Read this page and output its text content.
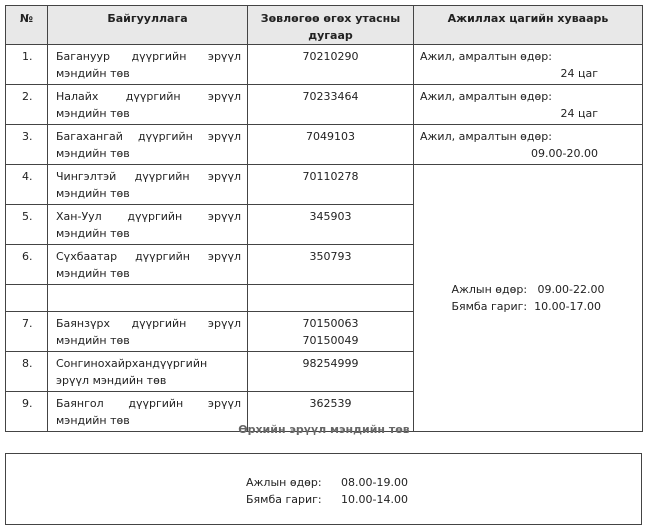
№	Байгууллага	Зөвлөгөө өгөх утасны дугаар	Ажиллах цагийн хуваарь
1.	Багануур дүүргийн эрүүл мэндийн төв	70210290	Ажил, амралтын өдөр:
24 цаг

2.	Налайх дүүргийн эрүүл мэндийн төв	70233464	Ажил, амралтын өдөр:
24 цаг

3.	Багахангай дүүргийн эрүүл мэндийн төв	7049103	Ажил, амралтын өдөр:
09.00-20.00

4.	Чингэлтэй дүүргийн эрүүл мэндийн төв	70110278	Ажлын өдөр:   09.00-22.00
Бямба гариг:  10.00-17.00

5.	Хан-Уул дүүргийн эрүүл мэндийн төв	345903	
6.	Сүхбаатар дүүргийн эрүүл мэндийн төв	350793	

7.	Баянзүрх дүүргийн эрүүл мэндийн төв	70150063
70150049	

8.	Сонгинохайрхандүүргийн эрүүл мэндийн төв	98254999	
9.	Баянгол дүүргийн эрүүл мэндийн төв	362539	
Өрхийн эрүүл мэндийн төв
Ажлын өдөр: 08.00-19.00
Бямба гариг: 10.00-14.00
